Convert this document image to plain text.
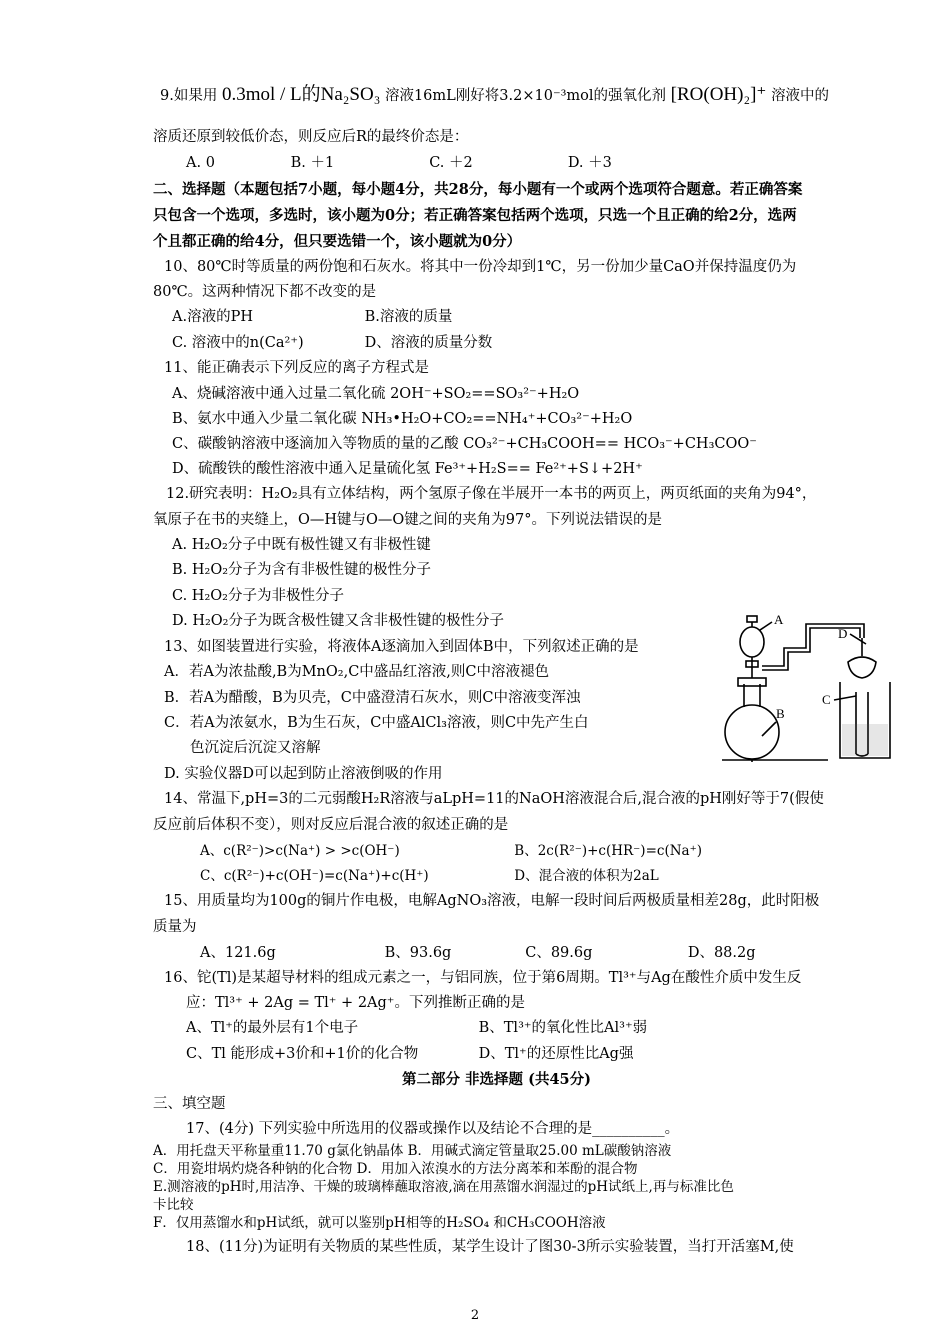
9.如果用 0.3mol / L的Na₂SO₃ 溶液16mL刚好将3.2×10⁻³mol的强氧化剂 [RO(OH)₂]⁺ 溶液中的
溶质还原到较低价态，则反应后R的最终价态是：
A. 0	B. ＋1	C. ＋2	D. ＋3
二、选择题（本题包括7小题，每小题4分，共28分，每小题有一个或两个选项符合题意。若正确答案
只包含一个选项，多选时，该小题为0分；若正确答案包括两个选项，只选一个且正确的给2分，选两
个且都正确的给4分，但只要选错一个，该小题就为0分）
10、80℃时等质量的两份饱和石灰水。将其中一份冷却到1℃，另一份加少量CaO并保持温度仍为
80℃。这两种情况下都不改变的是
A.溶液的PH	B.溶液的质量
C. 溶液中的n(Ca²⁺)	D、溶液的质量分数
11、能正确表示下列反应的离子方程式是
A、烧碱溶液中通入过量二氧化硫 2OH⁻+SO₂==SO₃²⁻+H₂O
B、氨水中通入少量二氧化碳 NH₃•H₂O+CO₂==NH₄⁺+CO₃²⁻+H₂O
C、碳酸钠溶液中逐滴加入等物质的量的乙酸 CO₃²⁻+CH₃COOH== HCO₃⁻+CH₃COO⁻
D、硫酸铁的酸性溶液中通入足量硫化氢 Fe³⁺+H₂S== Fe²⁺+S↓+2H⁺
12.研究表明：H₂O₂具有立体结构，两个氢原子像在半展开一本书的两页上，两页纸面的夹角为94°，
氧原子在书的夹缝上，O—H键与O—O键之间的夹角为97°。下列说法错误的是
A. H₂O₂分子中既有极性键又有非极性键
B. H₂O₂分子为含有非极性键的极性分子
C. H₂O₂分子为非极性分子
D. H₂O₂分子为既含极性键又含非极性键的极性分子
13、如图装置进行实验，将液体A逐滴加入到固体B中，下列叙述正确的是
A．若A为浓盐酸,B为MnO₂,C中盛品红溶液,则C中溶液褪色
B．若A为醋酸，B为贝壳，C中盛澄清石灰水，则C中溶液变浑浊
C．若A为浓氨水，B为生石灰，C中盛AlCl₃溶液，则C中先产生白
色沉淀后沉淀又溶解
D. 实验仪器D可以起到防止溶液倒吸的作用
A
B
C
D
14、常温下,pH=3的二元弱酸H₂R溶液与aLpH=11的NaOH溶液混合后,混合液的pH刚好等于7(假使
反应前后体积不变），则对反应后混合液的叙述正确的是
A、c(R²⁻)>c(Na⁺) > >c(OH⁻)	B、2c(R²⁻)+c(HR⁻)=c(Na⁺)
C、c(R²⁻)+c(OH⁻)=c(Na⁺)+c(H⁺)	D、混合液的体积为2aL
15、用质量均为100g的铜片作电极，电解AgNO₃溶液，电解一段时间后两极质量相差28g，此时阳极
质量为
A、121.6g	B、93.6g	C、89.6g	D、88.2g
16、铊(Tl)是某超导材料的组成元素之一，与铝同族，位于第6周期。Tl³⁺与Ag在酸性介质中发生反
应：Tl³⁺ + 2Ag = Tl⁺ + 2Ag⁺。下列推断正确的是
A、Tl⁺的最外层有1个电子	B、Tl³⁺的氧化性比Al³⁺弱
C、Tl 能形成+3价和+1价的化合物	D、Tl⁺的还原性比Ag强
第二部分 非选择题 (共45分)
三、填空题
17、(4分) 下列实验中所选用的仪器或操作以及结论不合理的是__________。
A．用托盘天平称量重11.70 g氯化钠晶体 B．用碱式滴定管量取25.00 mL碳酸钠溶液
C．用瓷坩埚灼烧各种钠的化合物 D．用加入浓溴水的方法分离苯和苯酚的混合物
E.测溶液的pH时,用洁净、干燥的玻璃棒蘸取溶液,滴在用蒸馏水润湿过的pH试纸上,再与标准比色
卡比较
F．仅用蒸馏水和pH试纸，就可以鉴别pH相等的H₂SO₄ 和CH₃COOH溶液
18、(11分)为证明有关物质的某些性质，某学生设计了图30-3所示实验装置，当打开活塞M,使
2
